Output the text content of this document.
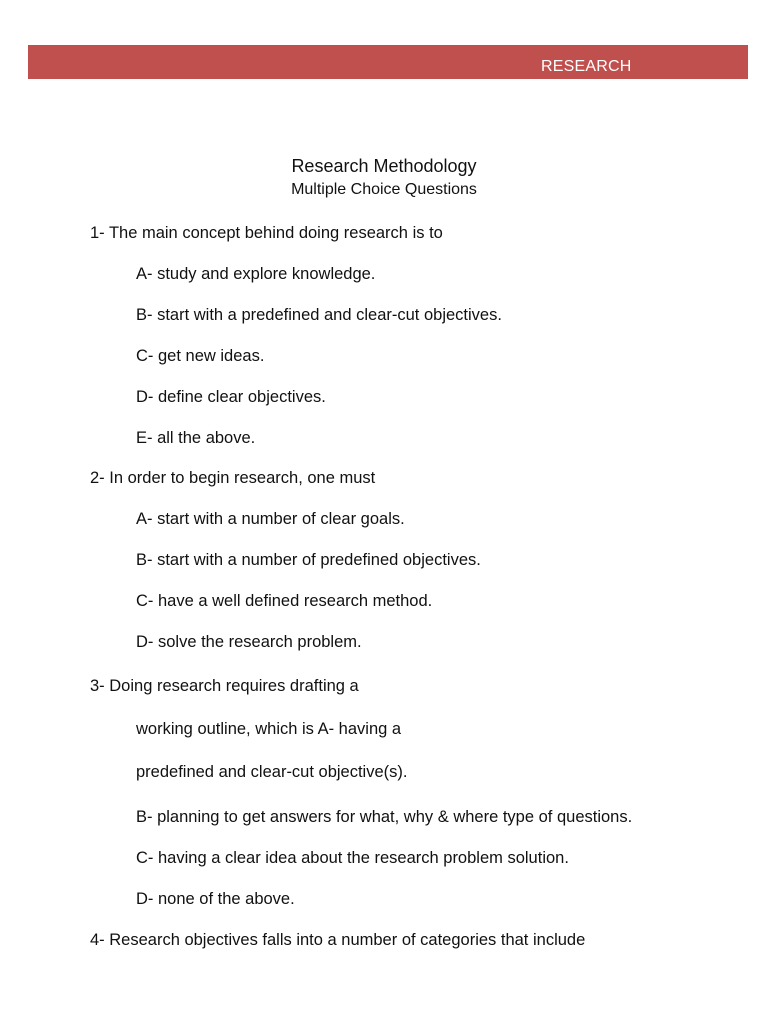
RESEARCH
Research Methodology
Multiple Choice Questions
1- The main concept behind doing research is to
A- study and explore knowledge.
B- start with a predefined and clear-cut objectives.
C- get new ideas.
D- define clear objectives.
E- all the above.
2- In order to begin research, one must
A- start with a number of clear goals.
B- start with a number of predefined objectives.
C- have a well defined research method.
D- solve the research problem.
3- Doing research requires drafting a
working outline, which is A- having a
predefined and clear-cut objective(s).
B- planning to get answers for what, why & where type of questions.
C- having a clear idea about the research problem solution.
D- none of the above.
4- Research objectives falls into a number of categories that include
